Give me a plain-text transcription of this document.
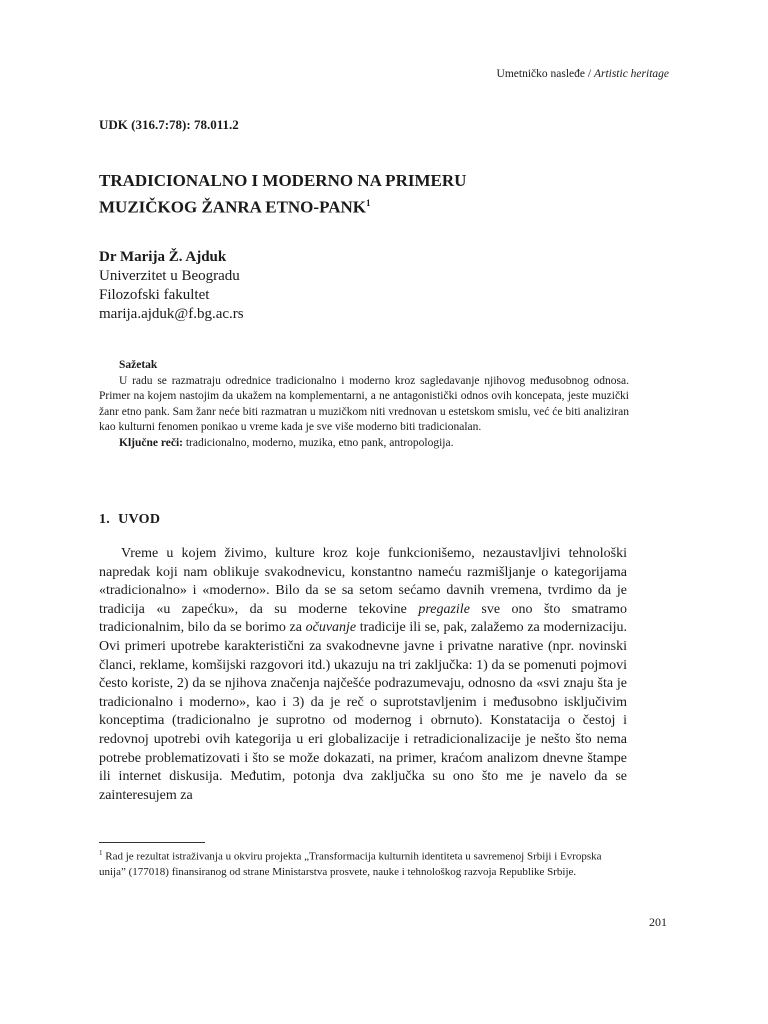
Umetničko nasleđe / Artistic heritage
UDK (316.7:78): 78.011.2
TRADICIONALNO I MODERNO NA PRIMERU
MUZIČKOG ŽANRA ETNO-PANK$^1$
Dr Marija Ž. Ajduk
Univerzitet u Beogradu
Filozofski fakultet
marija.ajduk@f.bg.ac.rs
Sažetak

U radu se razmatraju odrednice tradicionalno i moderno kroz sagledavanje njihovog međusobnog odnosa. Primer na kojem nastojim da ukažem na komplementarni, a ne antagonistički odnos ovih koncepata, jeste muzički žanr etno pank. Sam žanr neće biti razmatran u muzičkom niti vrednovan u estetskom smislu, već će biti analiziran kao kulturni fenomen ponikao u vreme kada je sve više moderno biti tradicionalan.

Ključne reči: tradicionalno, moderno, muzika, etno pank, antropologija.

1. UVOD

Vreme u kojem živimo, kulture kroz koje funkcionišemo, nezaustavljivi tehnološki napredak koji nam oblikuje svakodnevicu, konstantno nameću razmišljanje o kategorijama «tradicionalno» i «moderno». Bilo da se sa setom sećamo davnih vremena, tvrdimo da je tradicija «u zapećku», da su moderne tekovine pregazile sve ono što smatramo tradicionalnim, bilo da se borimo za očuvanje tradicije ili se, pak, zalažemo za modernizaciju. Ovi primeri upotrebe karakteristični za svakodnevne javne i privatne narative (npr. novinski članci, reklame, komšijski razgovori itd.) ukazuju na tri zaključka: 1) da se pomenuti pojmovi često koriste, 2) da se njihova značenja najčešće podrazumevaju, odnosno da «svi znaju šta je tradicionalno i moderno», kao i 3) da je reč o suprotstavljenim i međusobno isključivim konceptima (tradicionalno je suprotno od modernog i obrnuto). Konstatacija o čestoj i redovnoj upotrebi ovih kategorija u eri globalizacije i retradicionalizacije je nešto što nema potrebe problematizovati i što se može dokazati, na primer, kraćom analizom dnevne štampe ili internet diskusija. Međutim, potonja dva zaključka su ono što me je navelo da se zainteresujem za

$^1$ Rad je rezultat istraživanja u okviru projekta „Transformacija kulturnih identiteta u savremenoj Srbiji i Evropska unija” (177018) finansiranog od strane Ministarstva prosvete, nauke i tehnološkog razvoja Republike Srbije.
201
